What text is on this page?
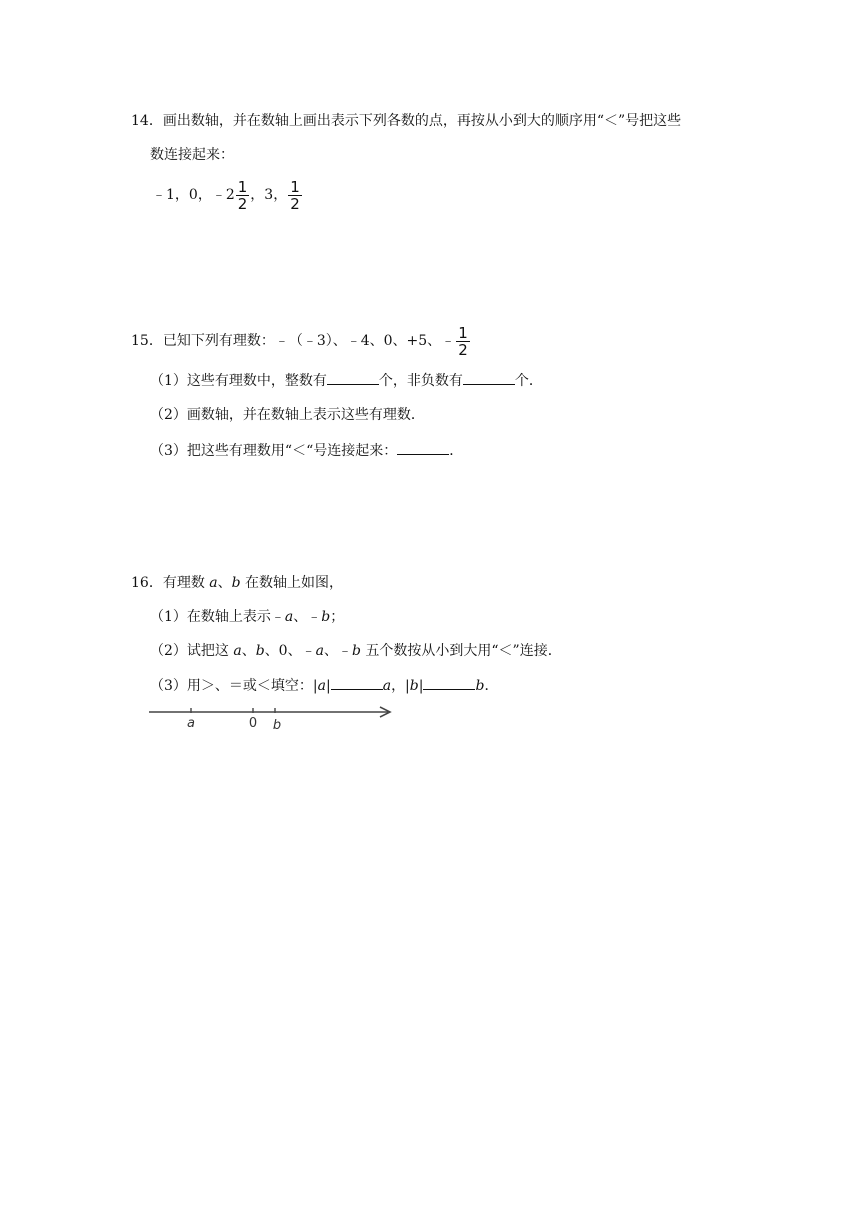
14．画出数轴，并在数轴上画出表示下列各数的点，再按从小到大的顺序用“＜”号把这些
数连接起来：
﹣1，0，﹣2 $\frac{1}{2}$ ，3， $\frac{1}{2}$
15．已知下列有理数：﹣（﹣3）、﹣4、0、+5、﹣ $\frac{1}{2}$
（1）这些有理数中，整数有	个，非负数有	个．
（2）画数轴，并在数轴上表示这些有理数．
（3）把这些有理数用“＜“号连接起来：	．
16．有理数 a、b 在数轴上如图，
（1）在数轴上表示﹣a、﹣b；
（2）试把这 a、b、0、﹣a、﹣b 五个数按从小到大用“＜”连接．
（3）用＞、＝或＜填空：|a|	a，|b|	b．
a	0 b
